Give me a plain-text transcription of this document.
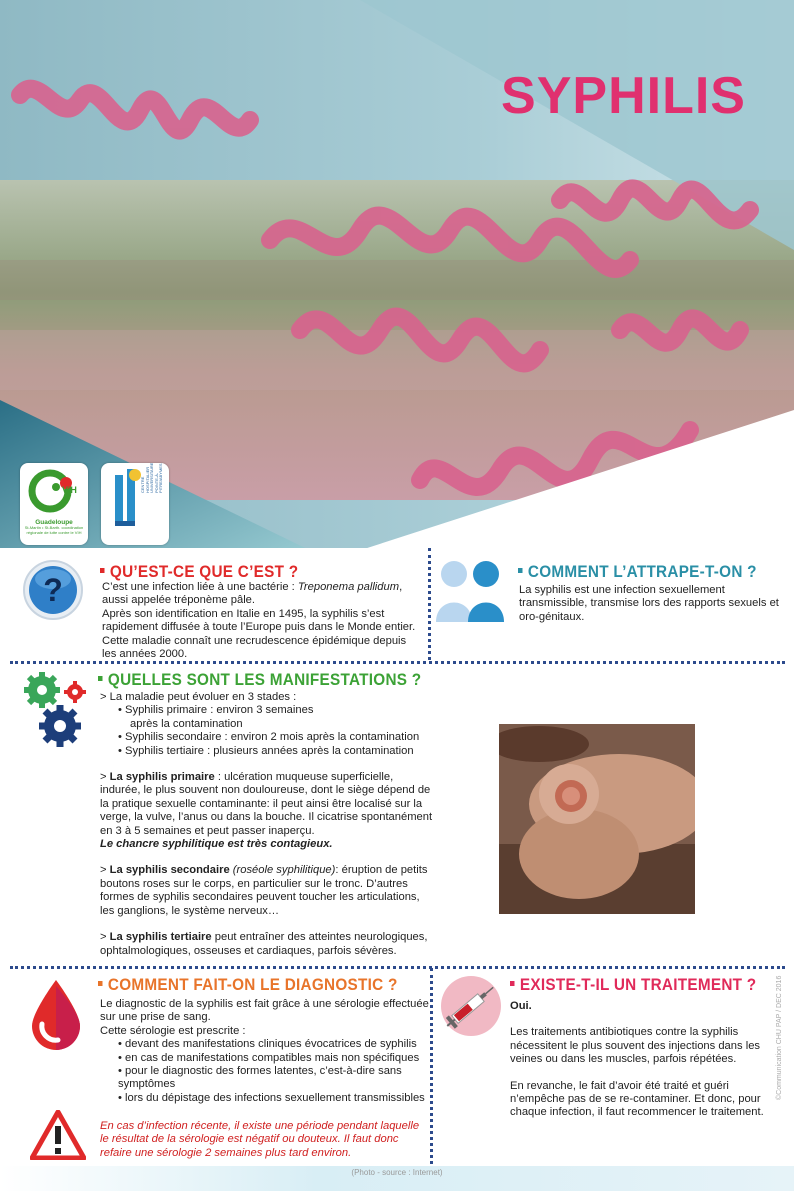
SYPHILIS
ViH
Guadeloupe
St-Martin • St-Barth. coordination régionale de lutte contre le VIH
CENTRE HOSPITALIER UNIVERSITAIRE POINTE-À-PITRE/ABYMES
?
QU’EST-CE QUE C’EST ?

C’est une infection liée à une bactérie : Treponema pallidum,

aussi appelée tréponème pâle.

Après son identification en Italie en 1495, la syphilis s’est rapidement diffusée à toute l’Europe puis dans le Monde entier.

Cette maladie connaît une recrudescence épidémique depuis les années 2000.

COMMENT L’ATTRAPE-T-ON ?
La syphilis est une infection sexuellement transmissible, transmise lors des rapports sexuels et oro-génitaux.
QUELLES SONT LES MANIFESTATIONS ?

> La maladie peut évoluer en 3 stades :

• Syphilis primaire : environ 3 semaines

après la contamination

• Syphilis secondaire : environ 2 mois après la contamination

• Syphilis tertiaire : plusieurs années après la contamination

> La syphilis primaire : ulcération muqueuse superficielle, indurée, le plus souvent non douloureuse, dont le siège dépend de la pratique sexuelle contaminante: il peut ainsi être localisé sur la verge, la vulve, l’anus ou dans la bouche. Il cicatrise spontanément en 3 à 5 semaines et peut passer inaperçu.

Le chancre syphilitique est très contagieux.

> La syphilis secondaire (roséole syphilitique): éruption de petits boutons roses sur le corps, en particulier sur le tronc. D’autres formes de syphilis secondaires peuvent toucher les articulations, les ganglions, le système nerveux…

> La syphilis tertiaire peut entraîner des atteintes neurologiques, ophtalmologiques, osseuses et cardiaques, parfois sévères.

COMMENT FAIT-ON LE DIAGNOSTIC ?

Le diagnostic de la syphilis est fait grâce à une sérologie effectuée sur une prise de sang.

Cette sérologie est prescrite :

• devant des manifestations cliniques évocatrices de syphilis

• en cas de manifestations compatibles mais non spécifiques

• pour le diagnostic des formes latentes, c’est-à-dire sans symptômes

• lors du dépistage des infections sexuellement transmissibles

En cas d’infection récente, il existe une période pendant laquelle le résultat de la sérologie est négatif ou douteux. Il faut donc refaire une sérologie 2 semaines plus tard environ.
EXISTE-T-IL UN TRAITEMENT ?

Oui.

Les traitements antibiotiques contre la syphilis nécessitent le plus souvent des injections dans les veines ou dans les muscles, parfois répétées.

En revanche, le fait d’avoir été traité et guéri n’empêche pas de se re-contaminer. Et donc, pour chaque infection, il faut recommencer le traitement.

(Photo - source : Internet)
©Communication CHU PAP / DEC 2016
